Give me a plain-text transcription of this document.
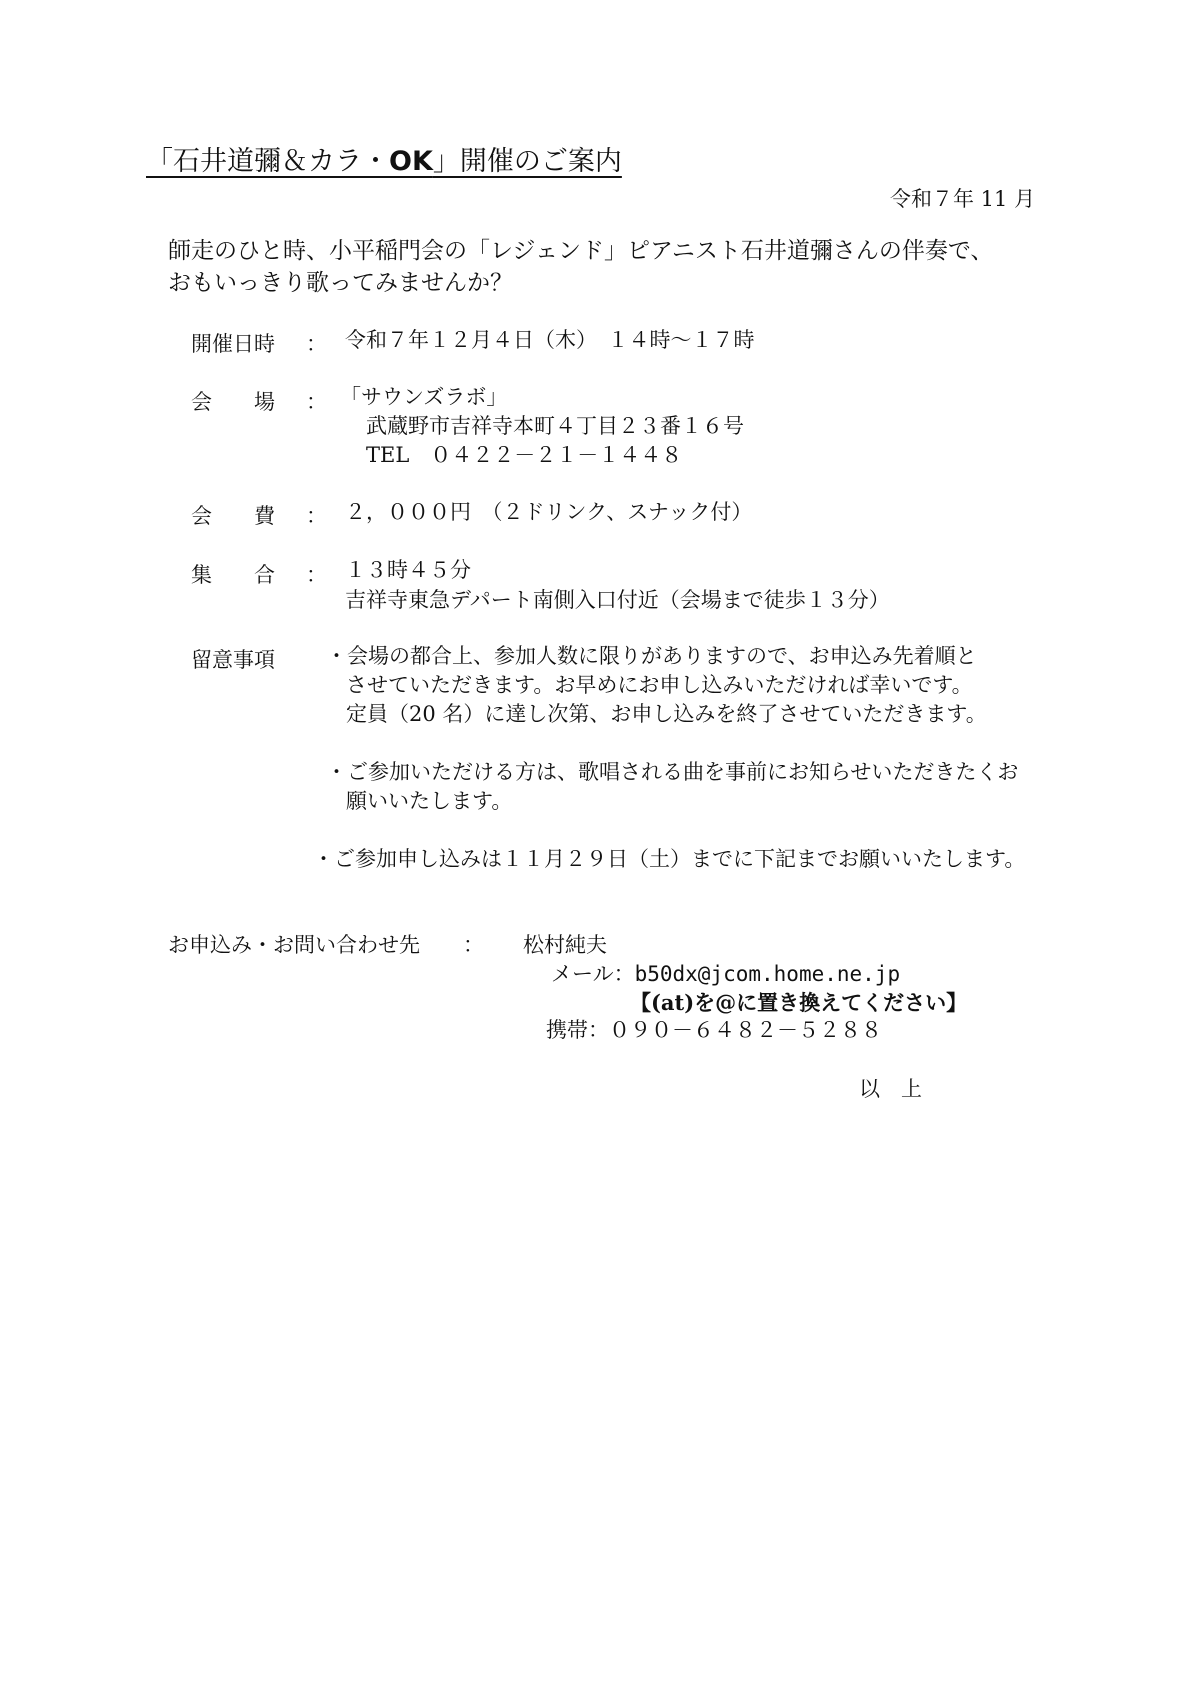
「石井道彌＆カラ・OK」開催のご案内
令和７年 11 月
師走のひと時、小平稲門会の「レジェンド」ピアニスト石井道彌さんの伴奏で、
おもいっきり歌ってみませんか？
開催日時 ： 令和７年１２月４日（木）　１４時〜１７時
会　　場 ： 「サウンズラボ」
武蔵野市吉祥寺本町４丁目２３番１６号
TEL　０４２２－２１－１４４８
会　　費 ： ２，０００円　（２ドリンク、スナック付）
集　　合 ： １３時４５分
吉祥寺東急デパート南側入口付近（会場まで徒歩１３分）
留意事項 ・会場の都合上、参加人数に限りがありますので、お申込み先着順と
させていただきます。お早めにお申し込みいただければ幸いです。
定員（20 名）に達し次第、お申し込みを終了させていただきます。
・ご参加いただける方は、歌唱される曲を事前にお知らせいただきたくお
願いいたします。
・ご参加申し込みは１１月２９日（土）までに下記までお願いいたします。
お申込み・お問い合わせ先 ： 松村純夫
メール：b50dx@jcom.home.ne.jp
【(at)を@に置き換えてください】
携帯：０９０－６４８２－５２８８
以　上
